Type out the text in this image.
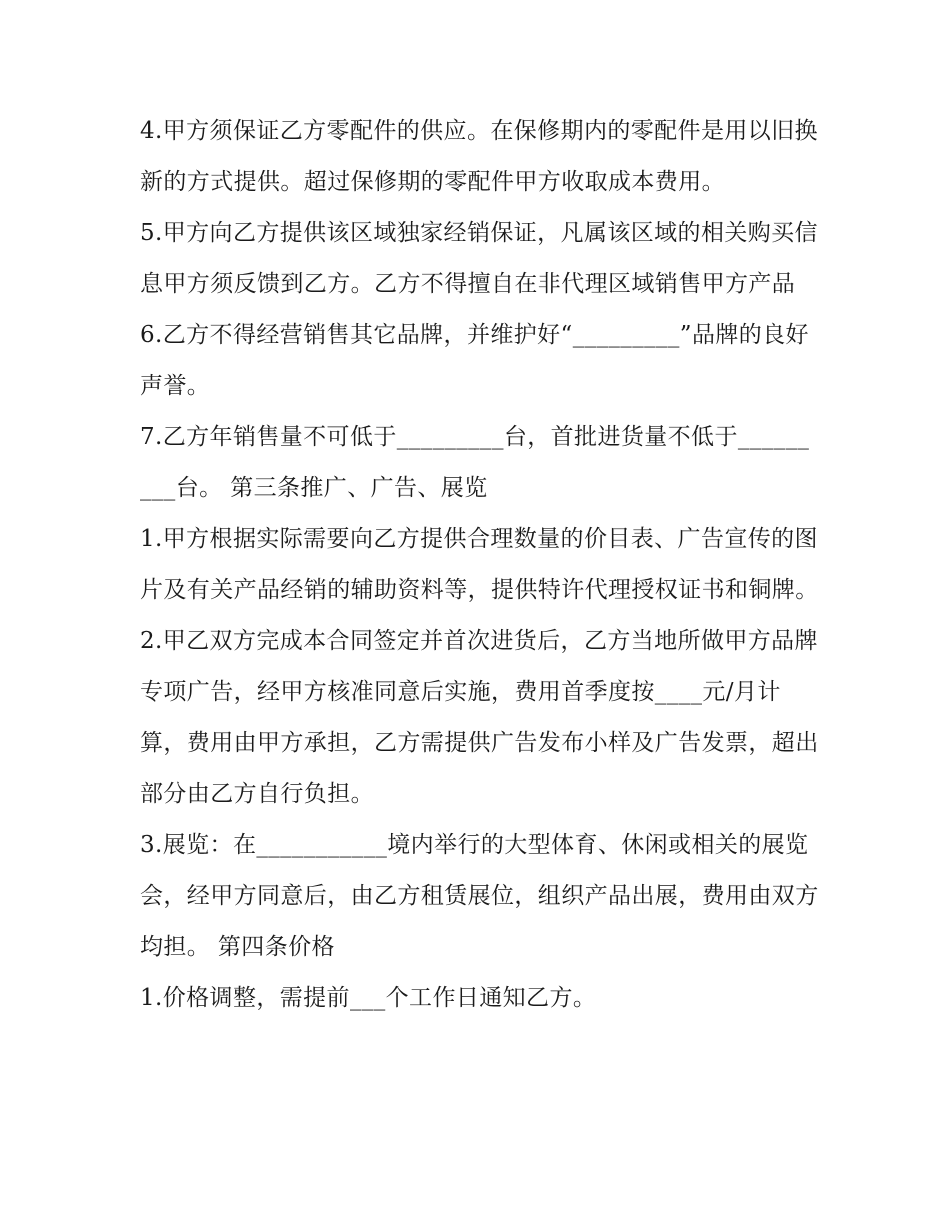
4.甲方须保证乙方零配件的供应。在保修期内的零配件是用以旧换新的方式提供。超过保修期的零配件甲方收取成本费用。

5.甲方向乙方提供该区域独家经销保证，凡属该区域的相关购买信息甲方须反馈到乙方。乙方不得擅自在非代理区域销售甲方产品

6.乙方不得经营销售其它品牌，并维护好“_________”品牌的良好声誉。

7.乙方年销售量不可低于_________台，首批进货量不低于_________台。 第三条推广、广告、展览

1.甲方根据实际需要向乙方提供合理数量的价目表、广告宣传的图片及有关产品经销的辅助资料等，提供特许代理授权证书和铜牌。

2.甲乙双方完成本合同签定并首次进货后，乙方当地所做甲方品牌专项广告，经甲方核准同意后实施，费用首季度按____元/月计算，费用由甲方承担，乙方需提供广告发布小样及广告发票，超出部分由乙方自行负担。

3.展览：在___________境内举行的大型体育、休闲或相关的展览会，经甲方同意后，由乙方租赁展位，组织产品出展，费用由双方均担。 第四条价格

1.价格调整，需提前___个工作日通知乙方。
